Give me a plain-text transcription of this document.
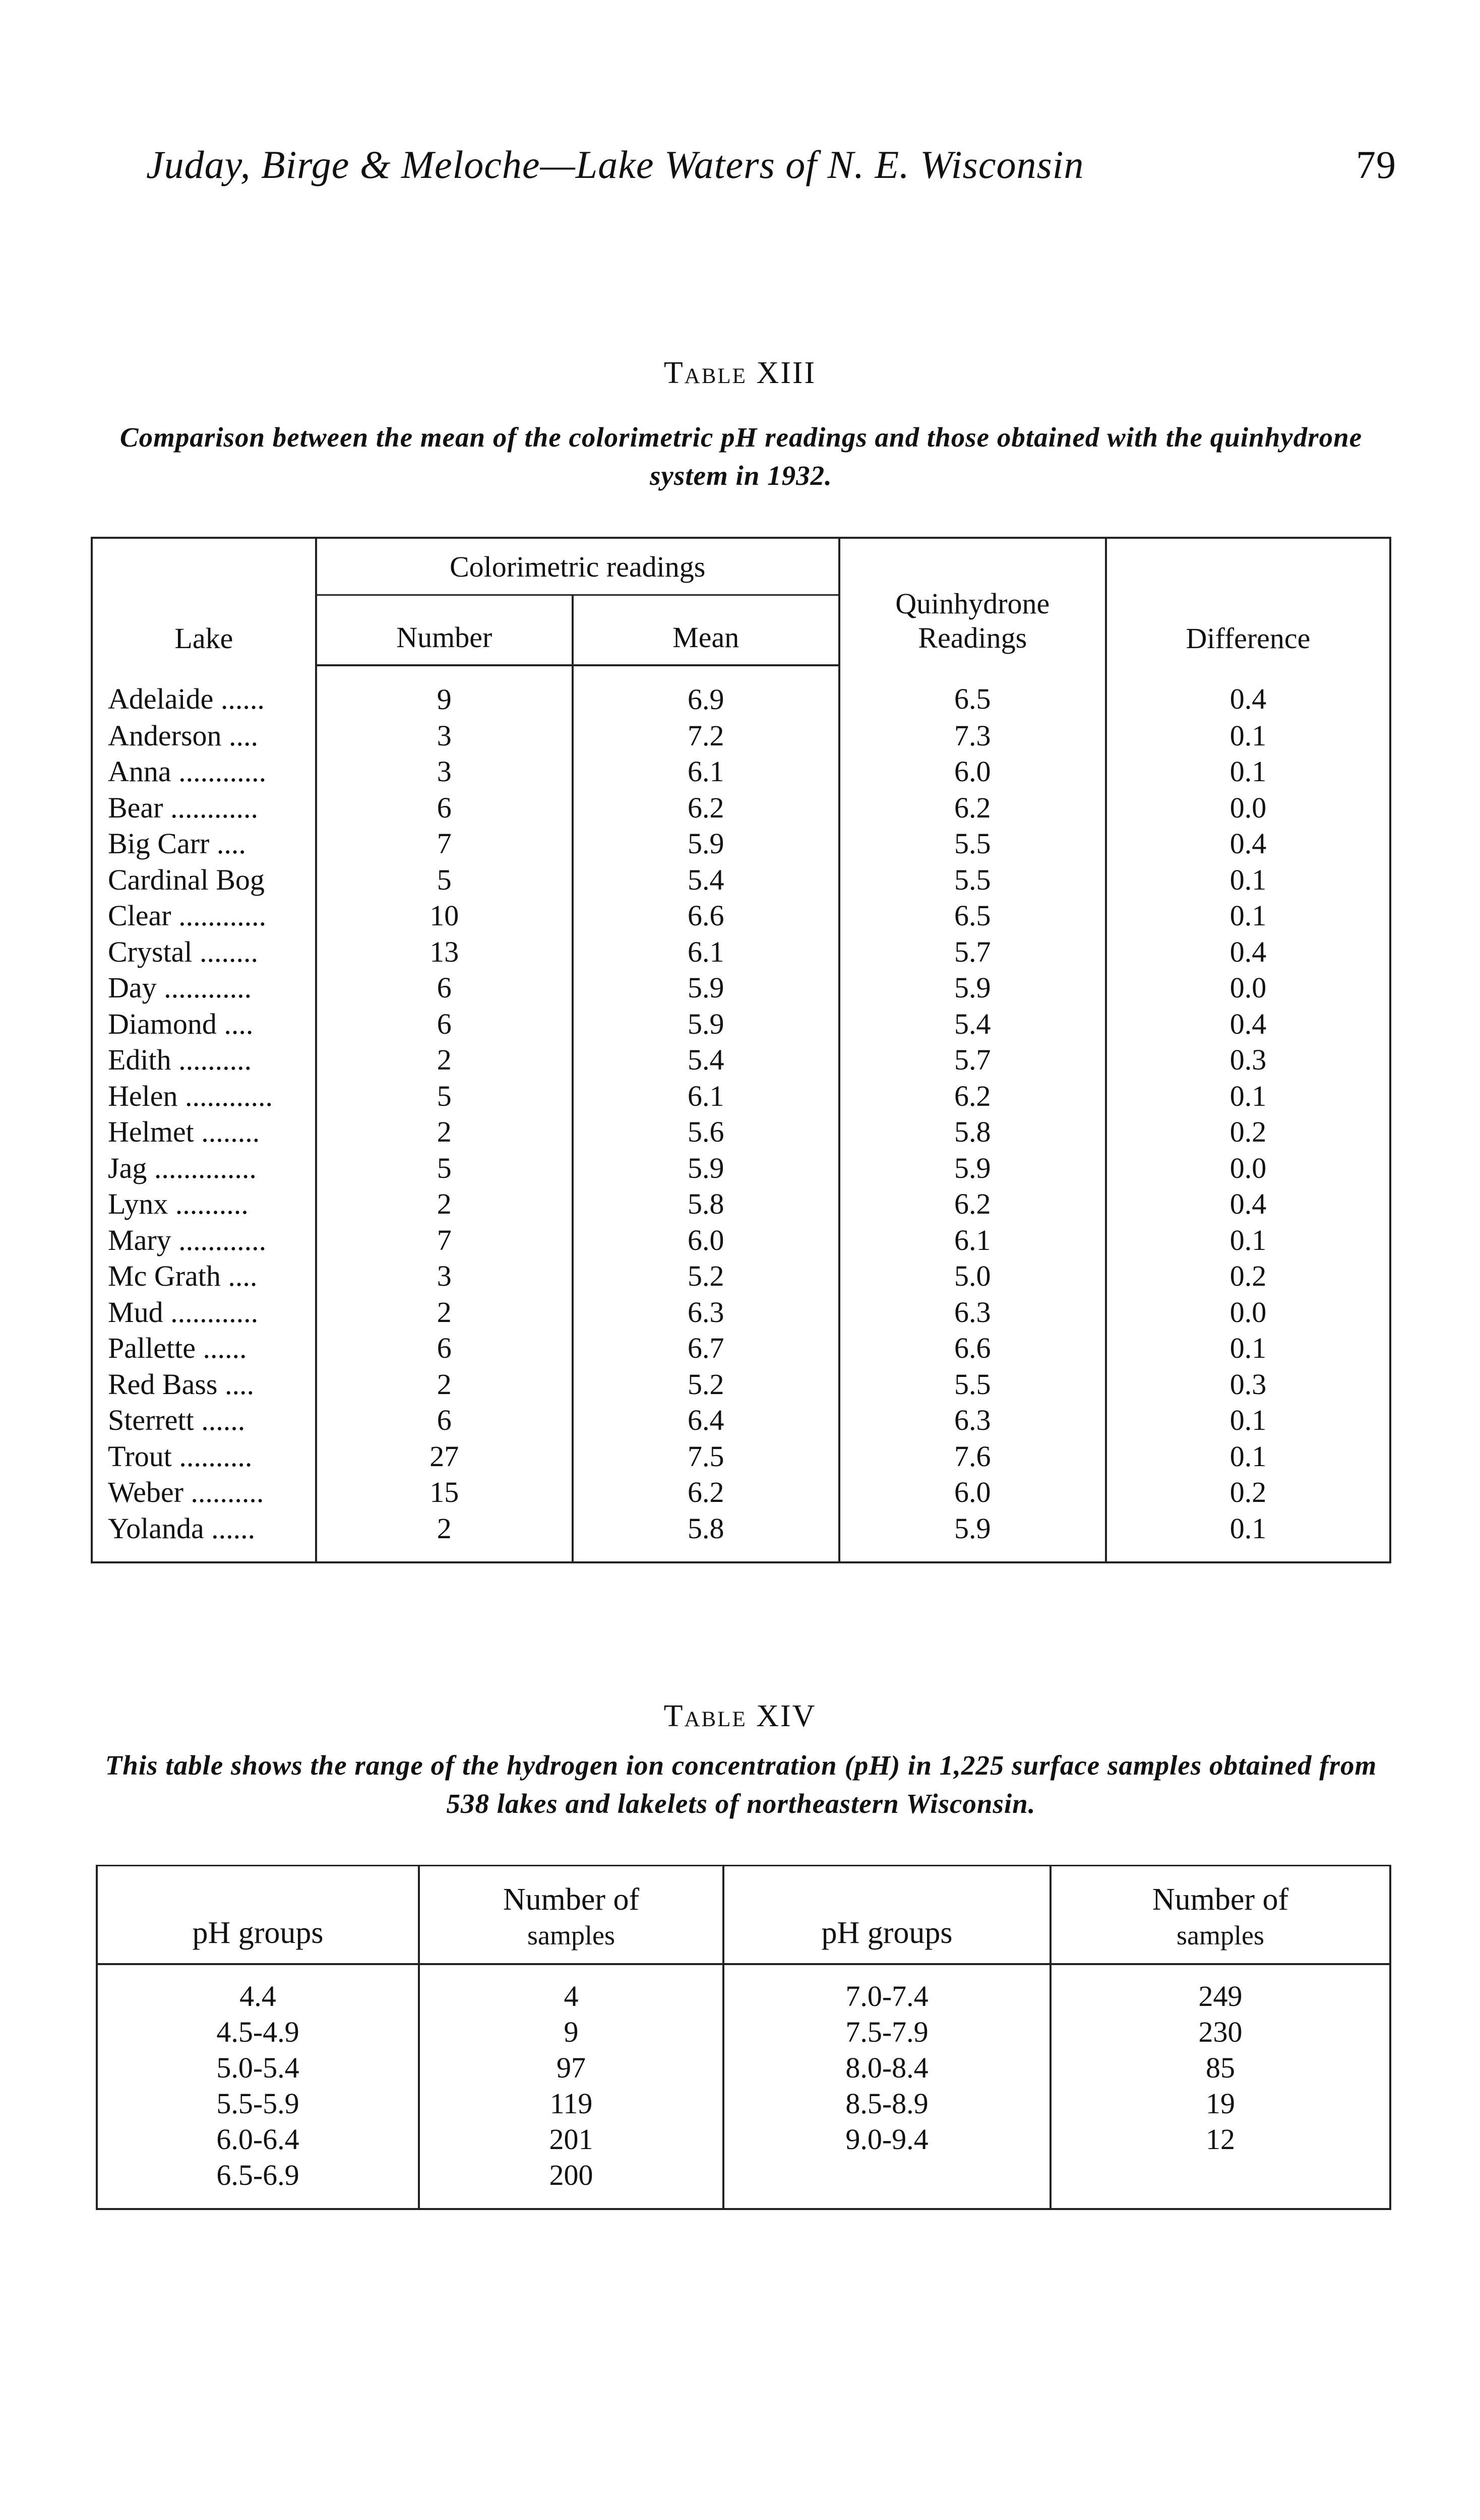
Juday, Birge & Meloche—Lake Waters of N. E. Wisconsin	79
Table XIII
Comparison between the mean of the colorimetric pH readings and those obtained with the quinhydrone system in 1932.
Lake	Colorimetric readings		Quinhydrone Readings	Difference
	Number	Mean		
Adelaide ......	9	6.9	6.5	0.4
Anderson ....	3	7.2	7.3	0.1
Anna ............	3	6.1	6.0	0.1
Bear ............	6	6.2	6.2	0.0
Big Carr ....	7	5.9	5.5	0.4
Cardinal Bog	5	5.4	5.5	0.1
Clear ............	10	6.6	6.5	0.1
Crystal ........	13	6.1	5.7	0.4
Day ............	6	5.9	5.9	0.0
Diamond ....	6	5.9	5.4	0.4
Edith ..........	2	5.4	5.7	0.3
Helen ............	5	6.1	6.2	0.1
Helmet ........	2	5.6	5.8	0.2
Jag ..............	5	5.9	5.9	0.0
Lynx ..........	2	5.8	6.2	0.4
Mary ............	7	6.0	6.1	0.1
Mc Grath ....	3	5.2	5.0	0.2
Mud ............	2	6.3	6.3	0.0
Pallette ......	6	6.7	6.6	0.1
Red Bass ....	2	5.2	5.5	0.3
Sterrett ......	6	6.4	6.3	0.1
Trout ..........	27	7.5	7.6	0.1
Weber ..........	15	6.2	6.0	0.2
Yolanda ......	2	5.8	5.9	0.1
Table XIV
This table shows the range of the hydrogen ion concentration (pH) in 1,225 surface samples obtained from 538 lakes and lakelets of northeastern Wisconsin.
pH groups	Number of
samples	pH groups	Number of
samples

4.4	4	7.0-7.4	249
4.5-4.9	9	7.5-7.9	230
5.0-5.4	97	8.0-8.4	85
5.5-5.9	119	8.5-8.9	19
6.0-6.4	201	9.0-9.4	12
6.5-6.9	200		
